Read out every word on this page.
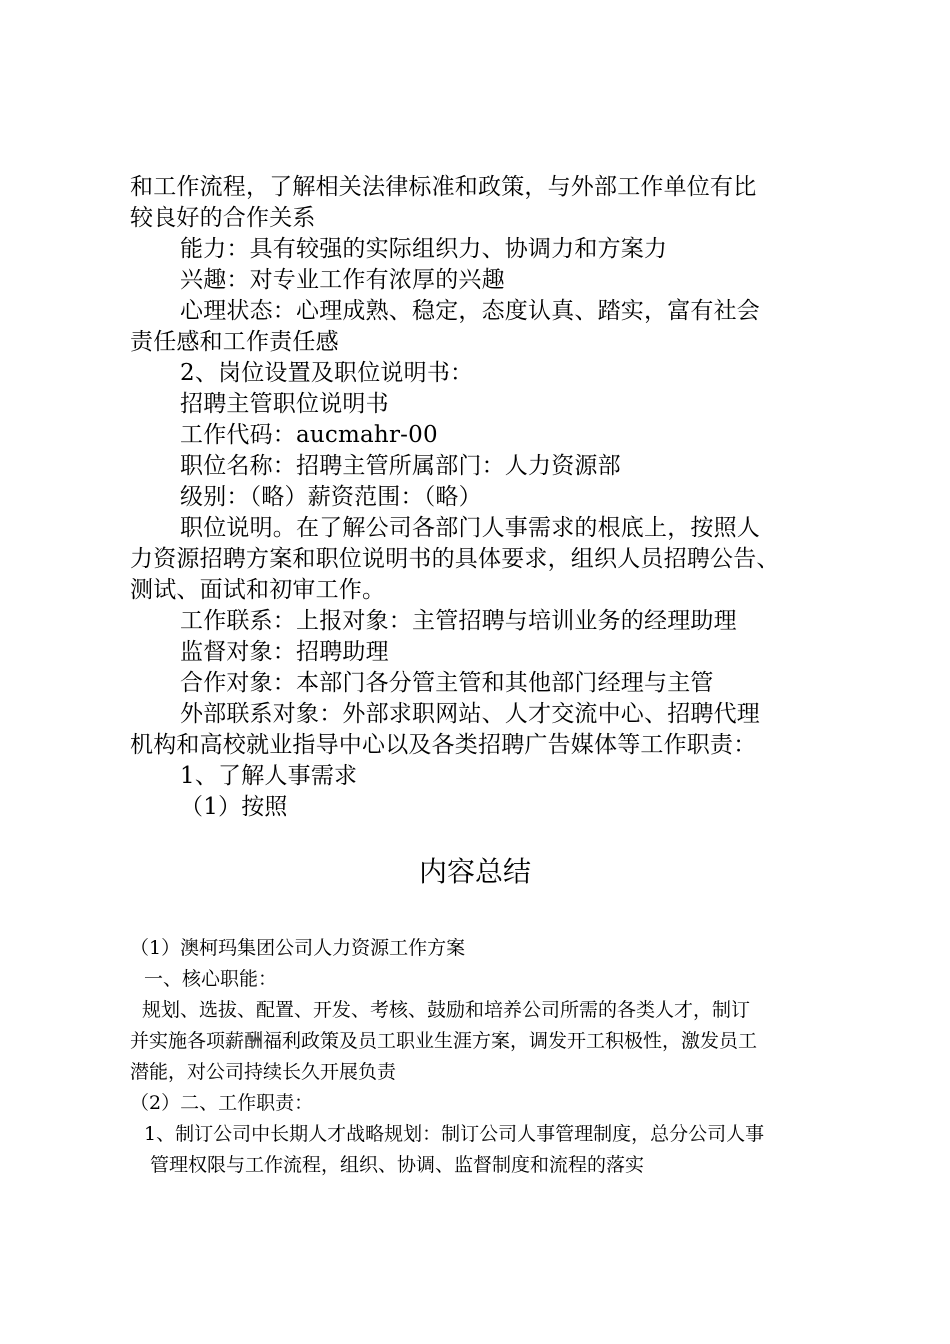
和工作流程，了解相关法律标准和政策，与外部工作单位有比

较良好的合作关系

能力：具有较强的实际组织力、协调力和方案力

兴趣：对专业工作有浓厚的兴趣

心理状态：心理成熟、稳定，态度认真、踏实，富有社会

责任感和工作责任感

2、岗位设置及职位说明书：

招聘主管职位说明书

工作代码：aucmahr-00

职位名称：招聘主管所属部门：人力资源部

级别：（略）薪资范围：（略）

职位说明。在了解公司各部门人事需求的根底上，按照人

力资源招聘方案和职位说明书的具体要求，组织人员招聘公告、

测试、面试和初审工作。

工作联系：上报对象：主管招聘与培训业务的经理助理

监督对象：招聘助理

合作对象：本部门各分管主管和其他部门经理与主管

外部联系对象：外部求职网站、人才交流中心、招聘代理

机构和高校就业指导中心以及各类招聘广告媒体等工作职责：

1、了解人事需求

（1）按照

内容总结

（1）澳柯玛集团公司人力资源工作方案

一、核心职能：

规划、选拔、配置、开发、考核、鼓励和培养公司所需的各类人才，制订

并实施各项薪酬福利政策及员工职业生涯方案，调发开工积极性，激发员工

潜能，对公司持续长久开展负责

（2）二、工作职责：

1、制订公司中长期人才战略规划：制订公司人事管理制度，总分公司人事

管理权限与工作流程，组织、协调、监督制度和流程的落实
